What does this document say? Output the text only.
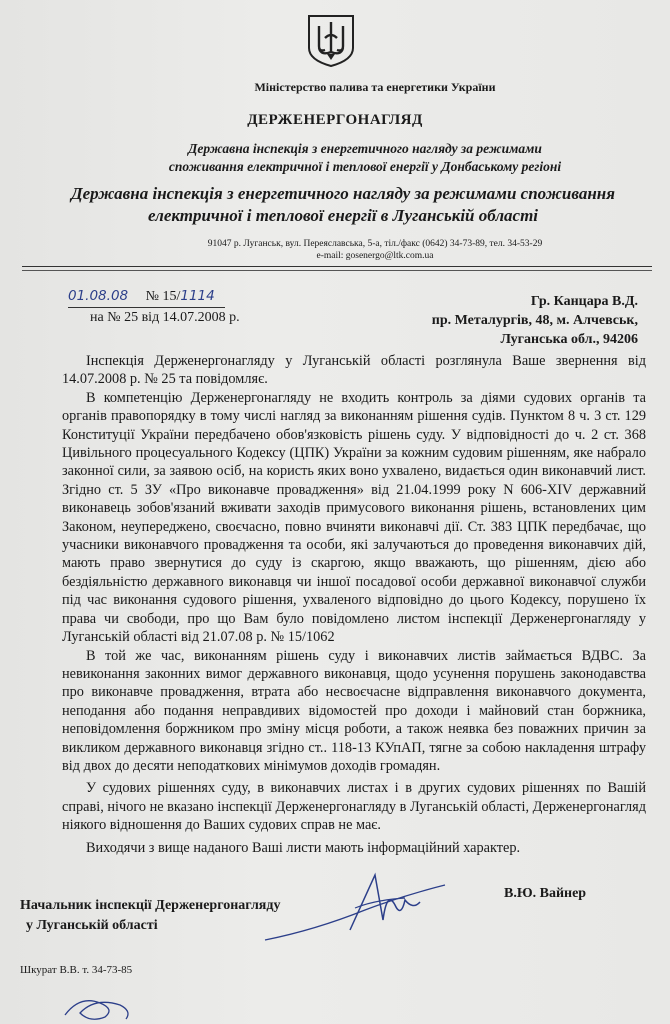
Міністерство палива та енергетики України
ДЕРЖЕНЕРГОНАГЛЯД
Державна інспекція з енергетичного нагляду за режимами
споживання електричної і теплової енергії у Донбаському регіоні
Державна інспекція з енергетичного нагляду за режимами споживання
електричної і теплової енергії в Луганській області
91047 р. Луганськ, вул. Переяславська, 5-а, тіл./факс (0642) 34-73-89, тел. 34-53-29
e-mail: gosenergo@ltk.com.ua
01.08.08 № 15/1114
на № 25 від 14.07.2008 р.
Гр. Канцара В.Д.
пр. Металургів, 48, м. Алчевськ,
Луганська обл., 94206

Інспекція Держенергонагляду у Луганській області розглянула Ваше звернення від 14.07.2008 р. № 25 та повідомляє.

В компетенцію Держенергонагляду не входить контроль за діями судових органів та органів правопорядку в тому числі нагляд за виконанням рішення судів. Пунктом 8 ч. 3 ст. 129 Конституції України передбачено обов'язковість рішень суду. У відповідності до ч. 2 ст. 368 Цивільного процесуального Кодексу (ЦПК) України за кожним судовим рішенням, яке набрало законної сили, за заявою осіб, на користь яких воно ухвалено, видається один виконавчий лист. Згідно ст. 5 ЗУ «Про виконавче провадження» від 21.04.1999 року N 606-XIV державний виконавець зобов'язаний вживати заходів примусового виконання рішень, встановлених цим Законом, неупереджено, своєчасно, повно вчиняти виконавчі дії. Ст. 383 ЦПК передбачає, що учасники виконавчого провадження та особи, які залучаються до проведення виконавчих дій, мають право звернутися до суду із скаргою, якщо вважають, що рішенням, дією або бездіяльністю державного виконавця чи іншої посадової особи державної виконавчої служби під час виконання судового рішення, ухваленого відповідно до цього Кодексу, порушено їх права чи свободи, про що Вам було повідомлено листом інспекції Держенергонагляду у Луганській області від 21.07.08 р. № 15/1062

В той же час, виконанням рішень суду і виконавчих листів займається ВДВС. За невиконання законних вимог державного виконавця, щодо усунення порушень законодавства про виконавче провадження, втрата або несвоєчасне відправлення виконавчого документа, неподання або подання неправдивих відомостей про доходи і майновий стан боржника, неповідомлення боржником про зміну місця роботи, а також неявка без поважних причин за викликом державного виконавця згідно ст.. 118-13 КУпАП, тягне за собою накладення штрафу від двох до десяти неподаткових мінімумов доходів громадян.

У судових рішеннях суду, в виконавчих листах і в других судових рішеннях по Вашій справі, нічого не вказано інспекції Держенергонагляду в Луганській області, Держенергонагляд ніякого відношення до Ваших судових справ не має.

Виходячи з вище наданого Ваші листи мають інформаційний характер.

Начальник інспекції Держенергонагляду
у Луганській області
В.Ю. Вайнер
Шкурат В.В. т. 34-73-85
